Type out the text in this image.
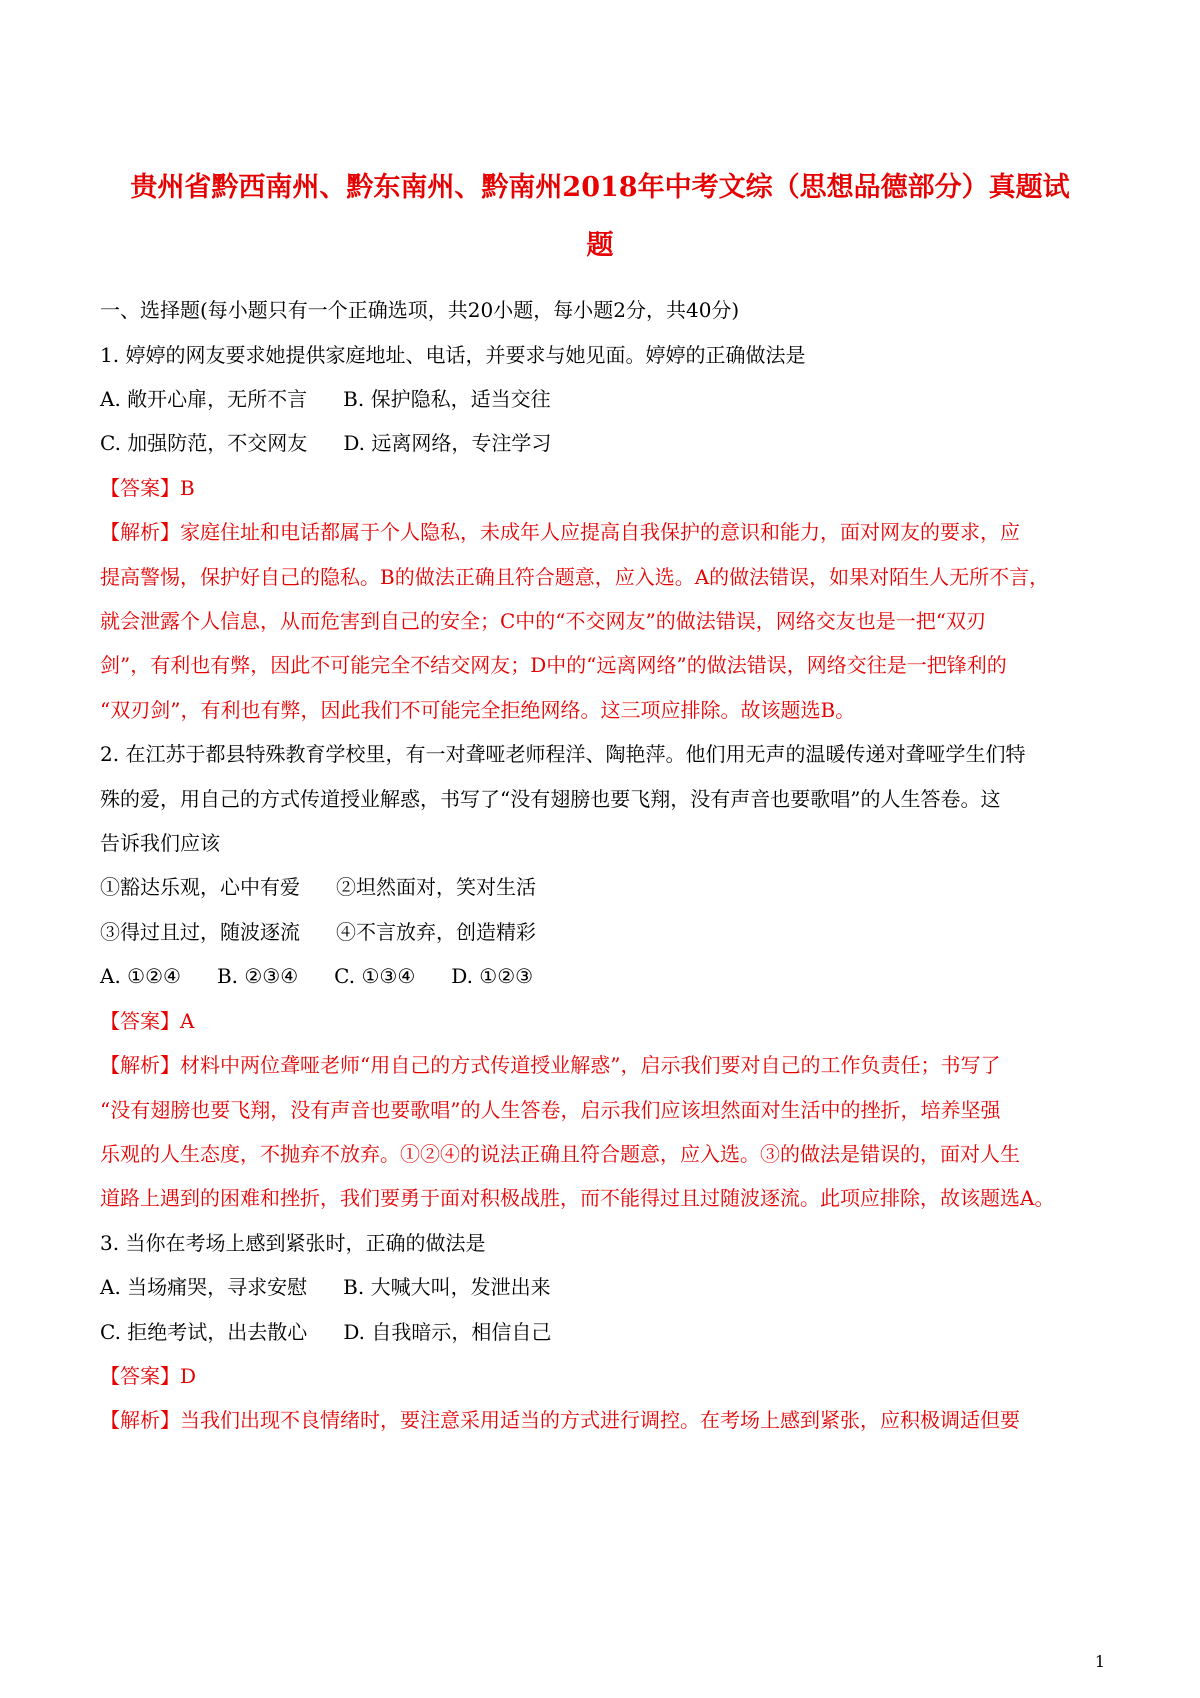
贵州省黔西南州、黔东南州、黔南州2018年中考文综（思想品德部分）真题试
题
一、选择题(每小题只有一个正确选项，共20小题，每小题2分，共40分)
1. 婷婷的网友要求她提供家庭地址、电话，并要求与她见面。婷婷的正确做法是
A. 敞开心扉，无所不言 B. 保护隐私，适当交往
C. 加强防范，不交网友 D. 远离网络，专注学习
【答案】B
【解析】家庭住址和电话都属于个人隐私，未成年人应提高自我保护的意识和能力，面对网友的要求，应
提高警惕，保护好自己的隐私。B的做法正确且符合题意，应入选。A的做法错误，如果对陌生人无所不言，
就会泄露个人信息，从而危害到自己的安全；C中的“不交网友”的做法错误，网络交友也是一把“双刃
剑”，有利也有弊，因此不可能完全不结交网友；D中的“远离网络”的做法错误，网络交往是一把锋利的
“双刃剑”，有利也有弊，因此我们不可能完全拒绝网络。这三项应排除。故该题选B。
2. 在江苏于都县特殊教育学校里，有一对聋哑老师程洋、陶艳萍。他们用无声的温暖传递对聋哑学生们特
殊的爱，用自己的方式传道授业解惑，书写了“没有翅膀也要飞翔，没有声音也要歌唱”的人生答卷。这
告诉我们应该
①豁达乐观，心中有爱 ②坦然面对，笑对生活
③得过且过，随波逐流 ④不言放弃，创造精彩
A. ①②④ B. ②③④ C. ①③④ D. ①②③
【答案】A
【解析】材料中两位聋哑老师“用自己的方式传道授业解惑”，启示我们要对自己的工作负责任；书写了
“没有翅膀也要飞翔，没有声音也要歌唱”的人生答卷，启示我们应该坦然面对生活中的挫折，培养坚强
乐观的人生态度，不抛弃不放弃。①②④的说法正确且符合题意，应入选。③的做法是错误的，面对人生
道路上遇到的困难和挫折，我们要勇于面对积极战胜，而不能得过且过随波逐流。此项应排除，故该题选A。
3. 当你在考场上感到紧张时，正确的做法是
A. 当场痛哭，寻求安慰 B. 大喊大叫，发泄出来
C. 拒绝考试，出去散心 D. 自我暗示，相信自己
【答案】D
【解析】当我们出现不良情绪时，要注意采用适当的方式进行调控。在考场上感到紧张，应积极调适但要
1
